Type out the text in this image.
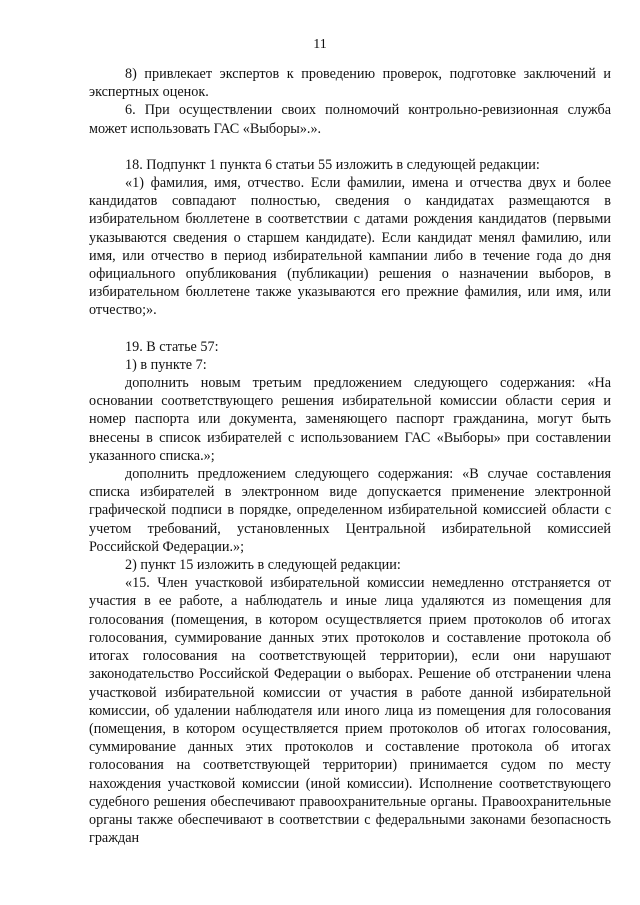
11

8) привлекает экспертов к проведению проверок, подготовке заключений и экспертных оценок.

6. При осуществлении своих полномочий контрольно-ревизионная служба может использовать ГАС «Выборы».».

18. Подпункт 1 пункта 6 статьи 55 изложить в следующей редакции:

«1) фамилия, имя, отчество. Если фамилии, имена и отчества двух и более кандидатов совпадают полностью, сведения о кандидатах размещаются в избирательном бюллетене в соответствии с датами рождения кандидатов (первыми указываются сведения о старшем кандидате). Если кандидат менял фамилию, или имя, или отчество в период избирательной кампании либо в течение года до дня официального опубликования (публикации) решения о назначении выборов, в избирательном бюллетене также указываются его прежние фамилия, или имя, или отчество;».

19. В статье 57:

1) в пункте 7:

дополнить новым третьим предложением следующего содержания: «На основании соответствующего решения избирательной комиссии области серия и номер паспорта или документа, заменяющего паспорт гражданина, могут быть внесены в список избирателей с использованием ГАС «Выборы» при составлении указанного списка.»;

дополнить предложением следующего содержания: «В случае составления списка избирателей в электронном виде допускается применение электронной графической подписи в порядке, определенном избирательной комиссией области с учетом требований, установленных Центральной избирательной комиссией Российской Федерации.»;

2) пункт 15 изложить в следующей редакции:

«15. Член участковой избирательной комиссии немедленно отстраняется от участия в ее работе, а наблюдатель и иные лица удаляются из помещения для голосования (помещения, в котором осуществляется прием протоколов об итогах голосования, суммирование данных этих протоколов и составление протокола об итогах голосования на соответствующей территории), если они нарушают законодательство Российской Федерации о выборах. Решение об отстранении члена участковой избирательной комиссии от участия в работе данной избирательной комиссии, об удалении наблюдателя или иного лица из помещения для голосования (помещения, в котором осуществляется прием протоколов об итогах голосования, суммирование данных этих протоколов и составление протокола об итогах голосования на соответствующей территории) принимается судом по месту нахождения участковой комиссии (иной комиссии). Исполнение соответствующего судебного решения обеспечивают правоохранительные органы. Правоохранительные органы также обеспечивают в соответствии с федеральными законами безопасность граждан
